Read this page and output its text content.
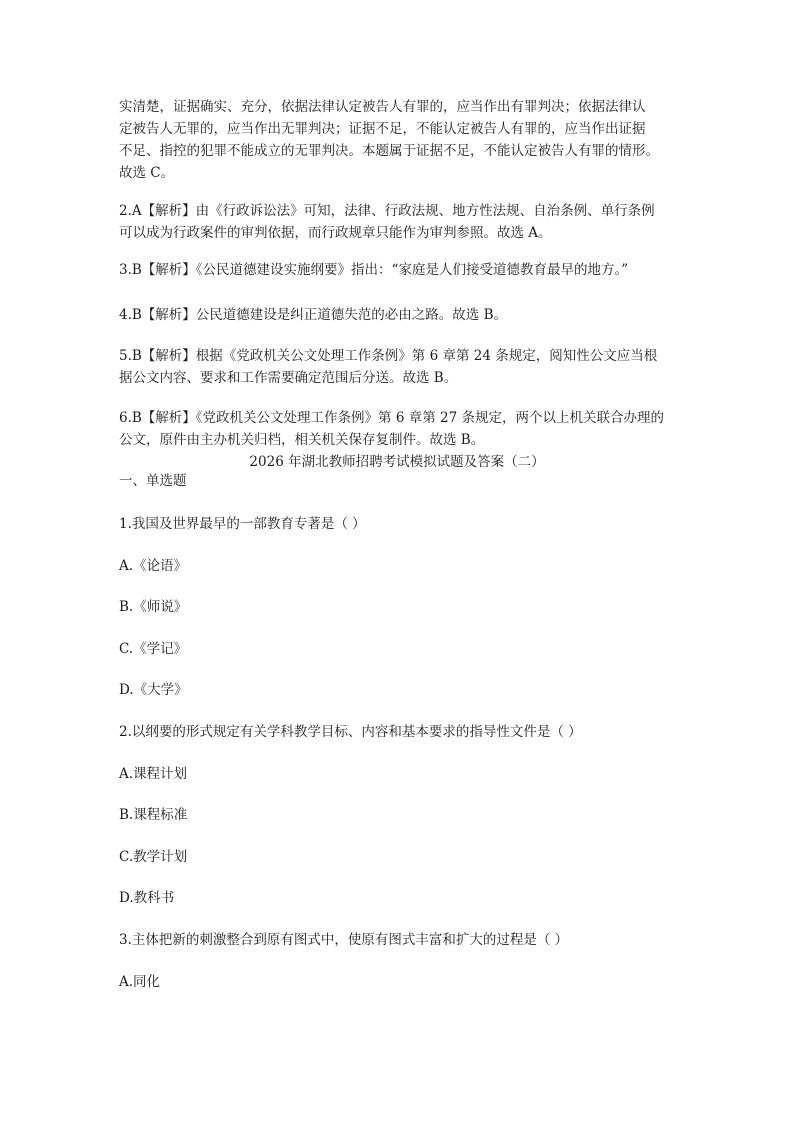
实清楚，证据确实、充分，依据法律认定被告人有罪的，应当作出有罪判决；依据法律认
定被告人无罪的，应当作出无罪判决；证据不足，不能认定被告人有罪的，应当作出证据
不足、指控的犯罪不能成立的无罪判决。本题属于证据不足，不能认定被告人有罪的情形。
故选 C。
2.A【解析】由《行政诉讼法》可知，法律、行政法规、地方性法规、自治条例、单行条例
可以成为行政案件的审判依据，而行政规章只能作为审判参照。故选 A。
3.B【解析】《公民道德建设实施纲要》指出：“家庭是人们接受道德教育最早的地方。”
4.B【解析】公民道德建设是纠正道德失范的必由之路。故选 B。
5.B【解析】根据《党政机关公文处理工作条例》第 6 章第 24 条规定，阅知性公文应当根
据公文内容、要求和工作需要确定范围后分送。故选 B。
6.B【解析】《党政机关公文处理工作条例》第 6 章第 27 条规定，两个以上机关联合办理的
公文，原件由主办机关归档，相关机关保存复制件。故选 B。
2026 年湖北教师招聘考试模拟试题及答案（二）
一、单选题
1.我国及世界最早的一部教育专著是（ ）
A.《论语》
B.《师说》
C.《学记》
D.《大学》
2.以纲要的形式规定有关学科教学目标、内容和基本要求的指导性文件是（ ）
A.课程计划
B.课程标准
C.教学计划
D.教科书
3.主体把新的刺激整合到原有图式中，使原有图式丰富和扩大的过程是（ ）
A.同化
